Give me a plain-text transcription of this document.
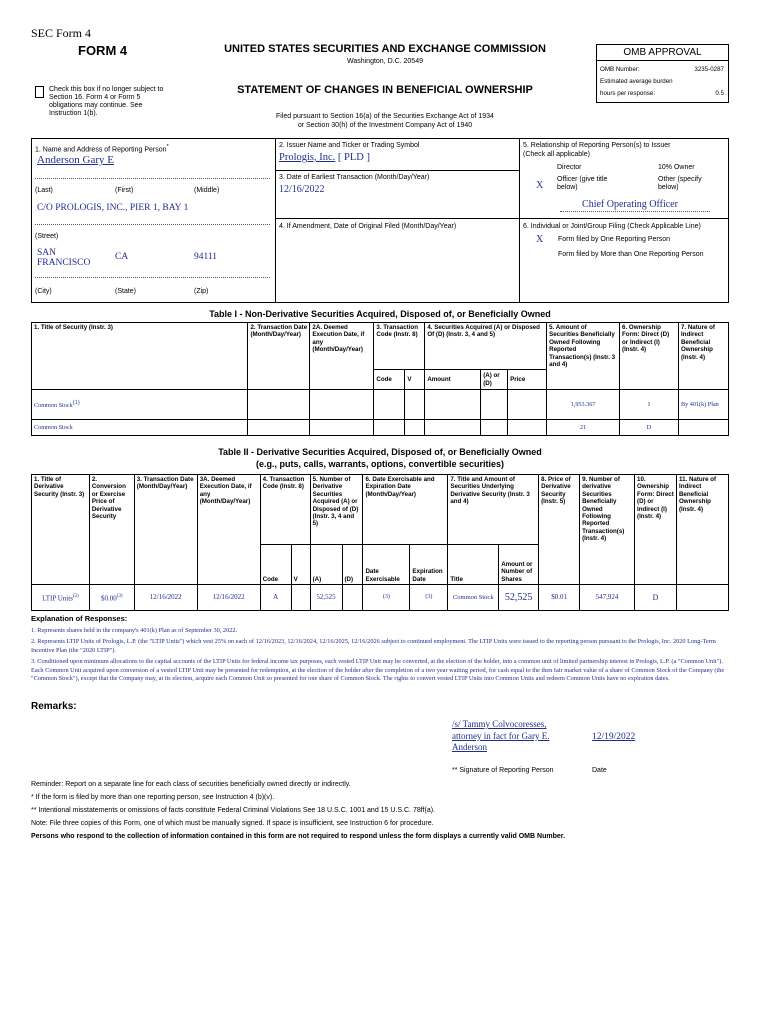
SEC Form 4
FORM 4	UNITED STATES SECURITIES AND EXCHANGE COMMISSION
Washington, D.C. 20549
Check this box if no longer subject to Section 16. Form 4 or Form 5 obligations may continue. See Instruction 1(b).
STATEMENT OF CHANGES IN BENEFICIAL OWNERSHIP
Filed pursuant to Section 16(a) of the Securities Exchange Act of 1934
or Section 30(h) of the Investment Company Act of 1940
OMB APPROVAL
OMB Number:	3235-0287
Estimated average burden
hours per response:	0.5
1. Name and Address of Reporting Person*
Anderson Gary E
(Last)	(First)	(Middle)
C/O PROLOGIS, INC., PIER 1, BAY 1
(Street)
SAN FRANCISCO
CA	94111
(City)	(State)	(Zip)
2. Issuer Name and Ticker or Trading Symbol
Prologis, Inc. [ PLD ]
3. Date of Earliest Transaction (Month/Day/Year)
12/16/2022
4. If Amendment, Date of Original Filed (Month/Day/Year)
5. Relationship of Reporting Person(s) to Issuer
(Check all applicable)
Director	10% Owner
X
Officer (give title below)
Other (specify below)
Chief Operating Officer
6. Individual or Joint/Group Filing (Check Applicable Line)
X Form filed by One Reporting Person
Form filed by More than One Reporting Person
Table I - Non-Derivative Securities Acquired, Disposed of, or Beneficially Owned
1. Title of Security (Instr. 3)	2. Transaction Date (Month/Day/Year)	2A. Deemed Execution Date, if any (Month/Day/Year)	3. Transaction Code (Instr. 8)		4. Securities Acquired (A) or Disposed Of (D) (Instr. 3, 4 and 5)			5. Amount of Securities Beneficially Owned Following Reported Transaction(s) (Instr. 3 and 4)	6. Ownership Form: Direct (D) or Indirect (I) (Instr. 4)	7. Nature of Indirect Beneficial Ownership (Instr. 4)
			Code	V	Amount	(A) or (D)	Price			
Common Stock$^{(1)}$								1,953.367	I	By 401(k) Plan
Common Stock								21	D	
Table II - Derivative Securities Acquired, Disposed of, or Beneficially Owned
(e.g., puts, calls, warrants, options, convertible securities)
1. Title of Derivative Security (Instr. 3)	2. Conversion or Exercise Price of Derivative Security	3. Transaction Date (Month/Day/Year)	3A. Deemed Execution Date, if any (Month/Day/Year)	4. Transaction Code (Instr. 8)		5. Number of Derivative Securities Acquired (A) or Disposed of (D) (Instr. 3, 4 and 5)		6. Date Exercisable and Expiration Date (Month/Day/Year)		7. Title and Amount of Securities Underlying Derivative Security (Instr. 3 and 4)		8. Price of Derivative Security (Instr. 5)	9. Number of derivative Securities Beneficially Owned Following Reported Transaction(s) (Instr. 4)	10. Ownership Form: Direct (D) or Indirect (I) (Instr. 4)	11. Nature of Indirect Beneficial Ownership (Instr. 4)
				Code	V	(A)	(D)	Date Exercisable	Expiration Date	Title	Amount or Number of Shares				
LTIP Units$^{(2)}$	$0.00$^{(3)}$	12/16/2022	12/16/2022	A		52,525		(3)	(3)	Common Stock	52,525	$0.01	547,924	D	
Explanation of Responses:
1. Represents shares held in the company's 401(k) Plan as of September 30, 2022.
2. Represents LTIP Units of Prologis, L.P. (the "LTIP Units") which vest 25% on each of 12/16/2023, 12/16/2024, 12/16/2025, 12/16/2026 subject to continued employment. The LTIP Units were issued to the reporting person pursuant to the Prologis, Inc. 2020 Long-Term Incentive Plan (the "2020 LTIP").
3. Conditioned upon minimum allocations to the capital accounts of the LTIP Units for federal income tax purposes, each vested LTIP Unit may be converted, at the election of the holder, into a common unit of limited partnership interest in Prologis, L.P. (a "Common Unit"). Each Common Unit acquired upon conversion of a vested LTIP Unit may be presented for redemption, at the election of the holder after the completion of a two year waiting period, for cash equal to the then fair market value of a share of Common Stock of the Company (the "Common Stock"), except that the Company may, at its election, acquire each Common Unit so presented for one share of Common Stock. The rights to convert vested LTIP Units into Common Units and redeem Common Units have no expiration dates.
Remarks:
/s/ Tammy Colvocoresses, attorney in fact for Gary E. Anderson
12/19/2022
** Signature of Reporting Person	Date
Reminder: Report on a separate line for each class of securities beneficially owned directly or indirectly.
* If the form is filed by more than one reporting person, see Instruction 4 (b)(v).
** Intentional misstatements or omissions of facts constitute Federal Criminal Violations See 18 U.S.C. 1001 and 15 U.S.C. 78ff(a).
Note: File three copies of this Form, one of which must be manually signed. If space is insufficient, see Instruction 6 for procedure.
Persons who respond to the collection of information contained in this form are not required to respond unless the form displays a currently valid OMB Number.
